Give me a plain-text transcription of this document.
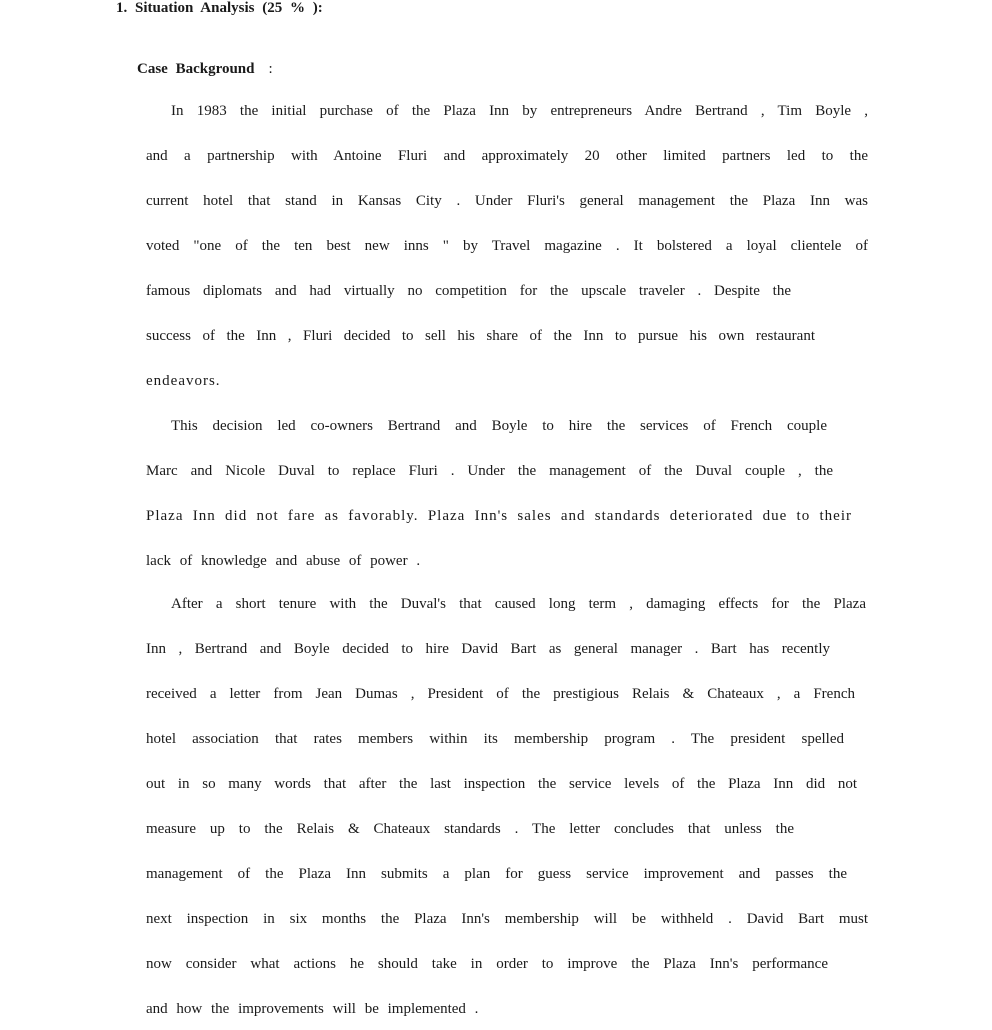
1. Situation Analysis (25 % ):
Case Background :
In 1983 the initial purchase of the Plaza Inn by entrepreneurs Andre Bertrand , Tim Boyle ,
and a partnership with Antoine Fluri and approximately 20 other limited partners led to the
current hotel that stand in Kansas City . Under Fluri's general management the Plaza Inn was
voted "one of the ten best new inns " by Travel magazine . It bolstered a loyal clientele of
famous diplomats and had virtually no competition for the upscale traveler . Despite the
success of the Inn , Fluri decided to sell his share of the Inn to pursue his own restaurant
endeavors.
This decision led co-owners Bertrand and Boyle to hire the services of French couple
Marc and Nicole Duval to replace Fluri . Under the management of the Duval couple , the
Plaza Inn did not fare as favorably. Plaza Inn's sales and standards deteriorated due to their
lack of knowledge and abuse of power .
After a short tenure with the Duval's that caused long term , damaging effects for the Plaza
Inn , Bertrand and Boyle decided to hire David Bart as general manager . Bart has recently
received a letter from Jean Dumas , President of the prestigious Relais & Chateaux , a French
hotel association that rates members within its membership program . The president spelled
out in so many words that after the last inspection the service levels of the Plaza Inn did not
measure up to the Relais & Chateaux standards . The letter concludes that unless the
management of the Plaza Inn submits a plan for guess service improvement and passes the
next inspection in six months the Plaza Inn's membership will be withheld . David Bart must
now consider what actions he should take in order to improve the Plaza Inn's performance
and how the improvements will be implemented .
